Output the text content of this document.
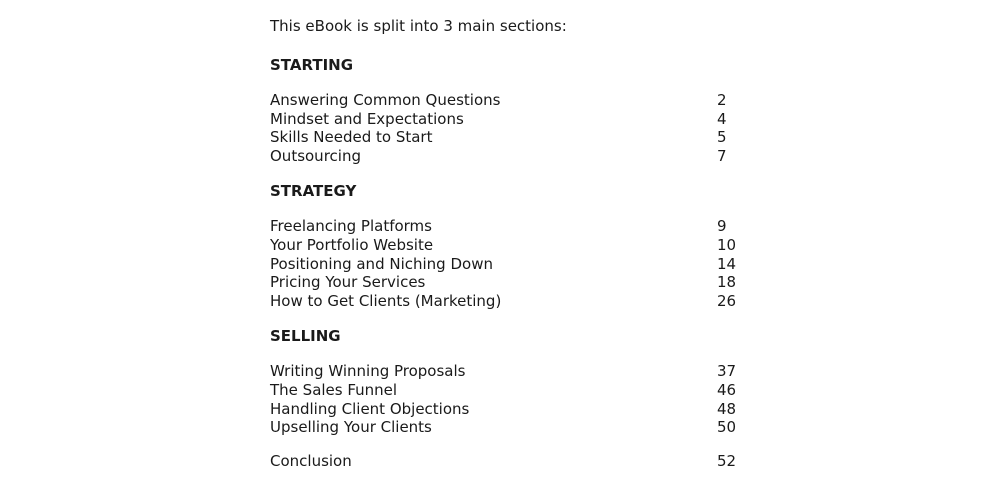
This eBook is split into 3 main sections:
STARTING
Answering Common Questions	2
Mindset and Expectations	4
Skills Needed to Start	5
Outsourcing	7
STRATEGY
Freelancing Platforms	9
Your Portfolio Website	10
Positioning and Niching Down	14
Pricing Your Services	18
How to Get Clients (Marketing)	26
SELLING
Writing Winning Proposals	37
The Sales Funnel	46
Handling Client Objections	48
Upselling Your Clients	50
Conclusion	52
